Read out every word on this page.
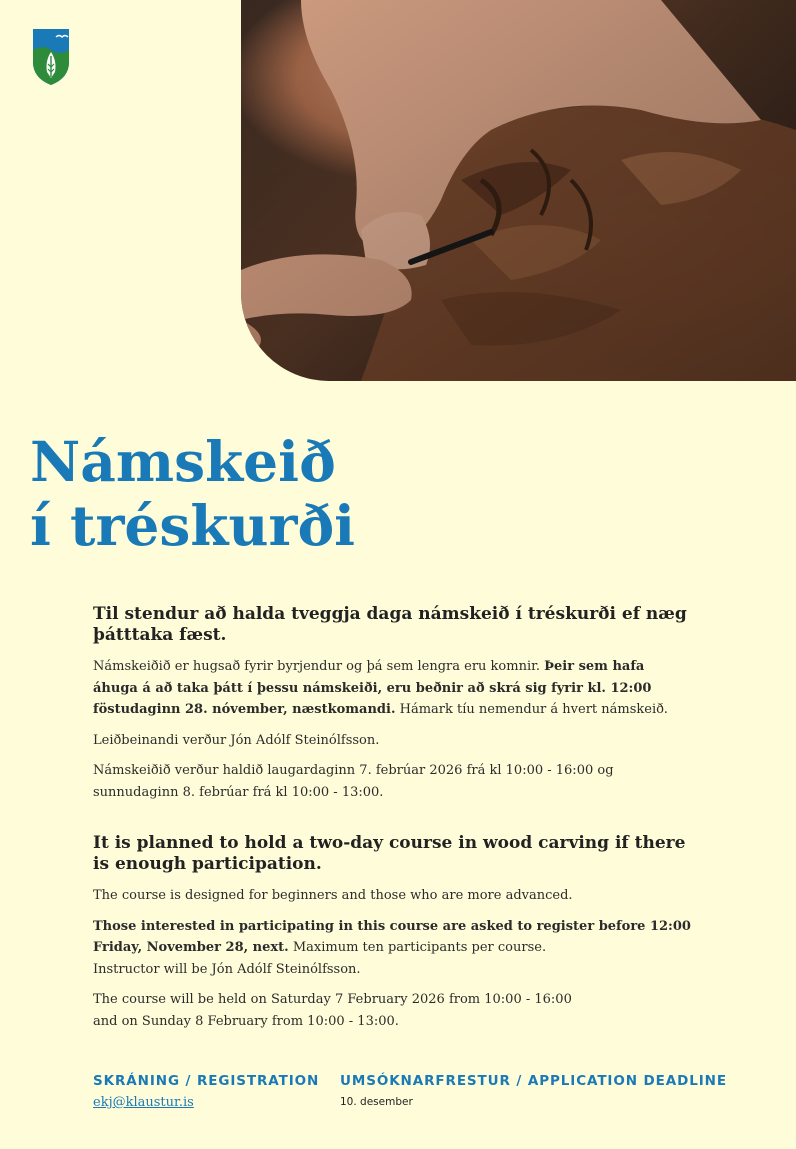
Námskeið
í tréskurði
Til stendur að halda tveggja daga námskeið í tréskurði ef næg þátttaka fæst.

Námskeiðið er hugsað fyrir byrjendur og þá sem lengra eru komnir. Þeir sem hafa áhuga á að taka þátt í þessu námskeiði, eru beðnir að skrá sig fyrir kl. 12:00 föstudaginn 28. nóvember, næstkomandi. Hámark tíu nemendur á hvert námskeið.

Leiðbeinandi verður Jón Adólf Steinólfsson.

Námskeiðið verður haldið laugardaginn 7. febrúar 2026 frá kl 10:00 - 16:00 og sunnudaginn 8. febrúar frá kl 10:00 - 13:00.

It is planned to hold a two-day course in wood carving if there is enough participation.

The course is designed for beginners and those who are more advanced.

Those interested in participating in this course are asked to register before 12:00 Friday, November 28, next. Maximum ten participants per course.

Instructor will be Jón Adólf Steinólfsson.

The course will be held on Saturday 7 February 2026 from 10:00 - 16:00

and on Sunday 8 February from 10:00 - 13:00.

SKRÁNING / REGISTRATION
ekj@klaustur.is
UMSÓKNARFRESTUR / APPLICATION DEADLINE
10. desember
